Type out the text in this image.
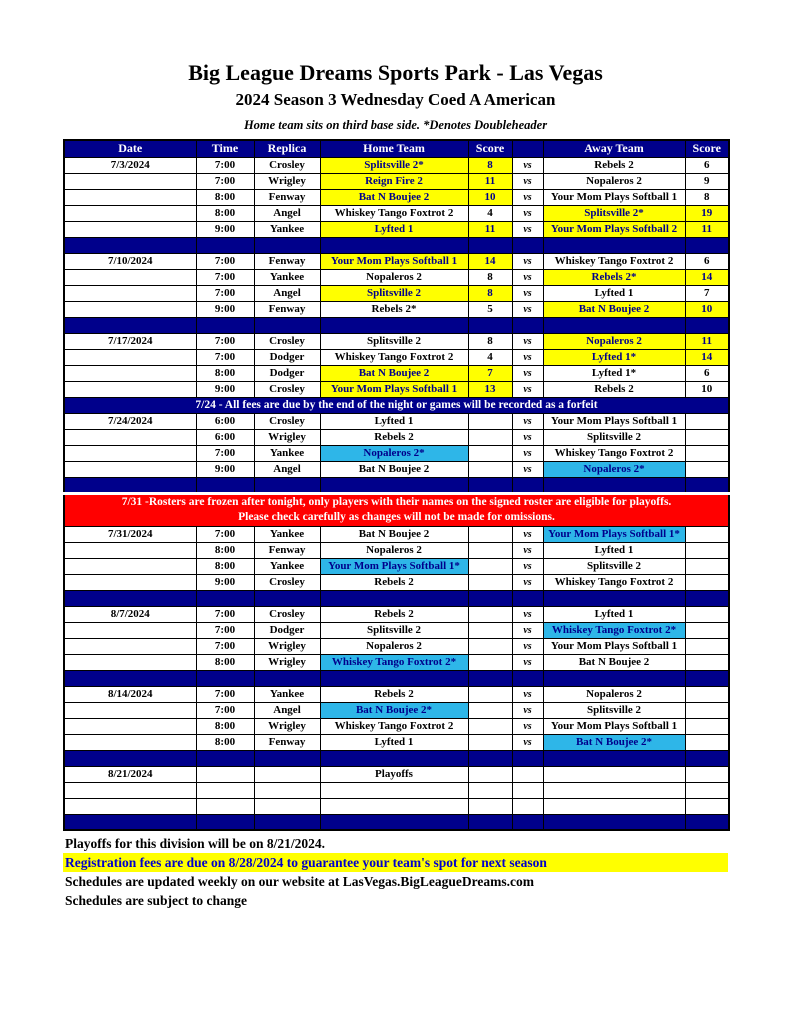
Big League Dreams Sports Park - Las Vegas
2024 Season 3 Wednesday Coed A American
Home team sits on third base side. *Denotes Doubleheader
Date	Time	Replica	Home Team	Score		Away Team	Score
7/3/2024	7:00	Crosley	Splitsville 2*	8	vs	Rebels 2	6
	7:00	Wrigley	Reign Fire 2	11	vs	Nopaleros 2	9
	8:00	Fenway	Bat N Boujee 2	10	vs	Your Mom Plays Softball 1	8
	8:00	Angel	Whiskey Tango Foxtrot 2	4	vs	Splitsville 2*	19
	9:00	Yankee	Lyfted 1	11	vs	Your Mom Plays Softball 2	11

7/10/2024	7:00	Fenway	Your Mom Plays Softball 1	14	vs	Whiskey Tango Foxtrot 2	6
	7:00	Yankee	Nopaleros 2	8	vs	Rebels 2*	14
	7:00	Angel	Splitsville 2	8	vs	Lyfted 1	7
	9:00	Fenway	Rebels 2*	5	vs	Bat N Boujee 2	10

7/17/2024	7:00	Crosley	Splitsville 2	8	vs	Nopaleros 2	11
	7:00	Dodger	Whiskey Tango Foxtrot 2	4	vs	Lyfted 1*	14
	8:00	Dodger	Bat N Boujee 2	7	vs	Lyfted 1*	6
	9:00	Crosley	Your Mom Plays Softball 1	13	vs	Rebels 2	10
7/24 - All fees are due by the end of the night or games will be recorded as a forfeit							
7/24/2024	6:00	Crosley	Lyfted 1		vs	Your Mom Plays Softball 1	
	6:00	Wrigley	Rebels 2		vs	Splitsville 2	
	7:00	Yankee	Nopaleros 2*		vs	Whiskey Tango Foxtrot 2	
	9:00	Angel	Bat N Boujee 2		vs	Nopaleros 2*	

7/31 -Rosters are frozen after tonight, only players with their names on the signed roster are eligible for playoffs.
Please check carefully as changes will not be made for omissions.							

7/31/2024	7:00	Yankee	Bat N Boujee 2		vs	Your Mom Plays Softball 1*	
	8:00	Fenway	Nopaleros 2		vs	Lyfted 1	
	8:00	Yankee	Your Mom Plays Softball 1*		vs	Splitsville 2	
	9:00	Crosley	Rebels 2		vs	Whiskey Tango Foxtrot 2	

8/7/2024	7:00	Crosley	Rebels 2		vs	Lyfted 1	
	7:00	Dodger	Splitsville 2		vs	Whiskey Tango Foxtrot 2*	
	7:00	Wrigley	Nopaleros 2		vs	Your Mom Plays Softball 1	
	8:00	Wrigley	Whiskey Tango Foxtrot 2*		vs	Bat N Boujee 2	

8/14/2024	7:00	Yankee	Rebels 2		vs	Nopaleros 2	
	7:00	Angel	Bat N Boujee 2*		vs	Splitsville 2	
	8:00	Wrigley	Whiskey Tango Foxtrot 2		vs	Your Mom Plays Softball 1	
	8:00	Fenway	Lyfted 1		vs	Bat N Boujee 2*	

8/21/2024			Playoffs				

Playoffs for this division will be on 8/21/2024.
Registration fees are due on 8/28/2024 to guarantee your team's spot for next season
Schedules are updated weekly on our website at LasVegas.BigLeagueDreams.com
Schedules are subject to change
